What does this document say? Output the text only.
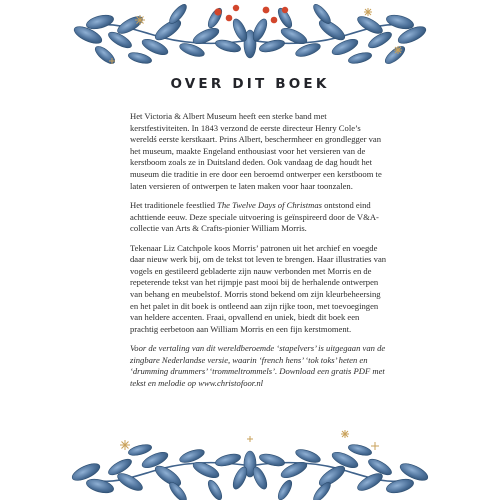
OVER DIT BOEK

Het Victoria & Albert Museum heeft een sterke band met kerstfestiviteiten. In 1843 verzond de eerste directeur Henry Cole’s wereldś eerste kerstkaart. Prins Albert, beschermheer en grondlegger van het museum, maakte Engeland enthousiast voor het versieren van de kerstboom zoals ze in Duitsland deden. Ook vandaag de dag houdt het museum die traditie in ere door een beroemd ontwerper een kerstboom te laten versieren of ontwerpen te laten maken voor haar toonzalen.

Het traditionele feestlied The Twelve Days of Christmas ontstond eind achttiende eeuw. Deze speciale uitvoering is geïnspireerd door de V&A-collectie van Arts & Crafts-pionier William Morris.

Tekenaar Liz Catchpole koos Morris’ patronen uit het archief en voegde daar nieuw werk bij, om de tekst tot leven te brengen. Haar illustraties van vogels en gestileerd gebladerte zijn nauw verbonden met Morris en de repeterende tekst van het rijmpje past mooi bij de herhalende ontwerpen van behang en meubelstof. Morris stond bekend om zijn kleurbeheersing en het palet in dit boek is ontleend aan zijn rijke toon, met toevoegingen van heldere accenten. Fraai, opvallend en uniek, biedt dit boek een prachtig eerbetoon aan William Morris en een fijn kerstmoment.

Voor de vertaling van dit wereldberoemde ‘stapelvers’ is uitgegaan van de zingbare Nederlandse versie, waarin ‘french hens’ ‘tok toks’ heten en ‘drumming drummers’ ‘trommeltrommels’. Download een gratis PDF met tekst en melodie op www.christofoor.nl
